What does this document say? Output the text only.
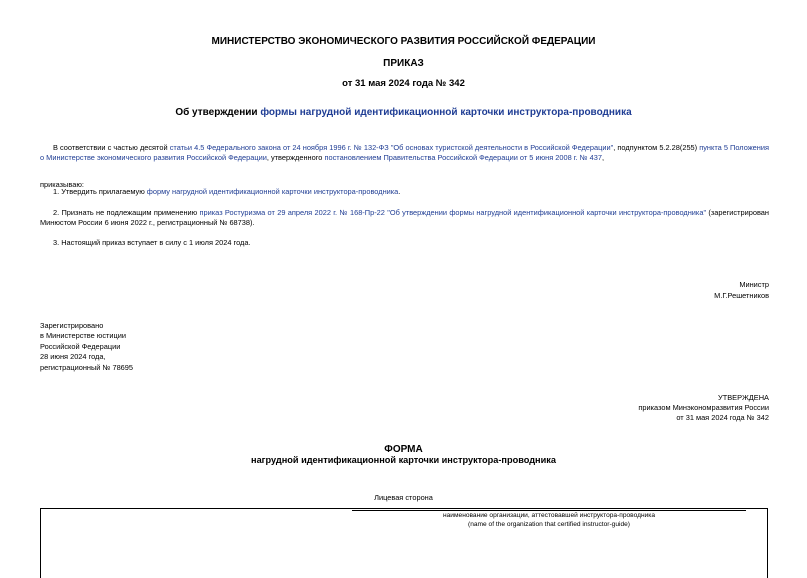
МИНИСТЕРСТВО ЭКОНОМИЧЕСКОГО РАЗВИТИЯ РОССИЙСКОЙ ФЕДЕРАЦИИ
ПРИКАЗ
от 31 мая 2024 года № 342
Об утверждении формы нагрудной идентификационной карточки инструктора-проводника
В соответствии с частью десятой статьи 4.5 Федерального закона от 24 ноября 1996 г. № 132-ФЗ "Об основах туристской деятельности в Российской Федерации", подпунктом 5.2.28(255) пункта 5 Положения о Министерстве экономического развития Российской Федерации, утвержденного постановлением Правительства Российской Федерации от 5 июня 2008 г. № 437,
приказываю:
1. Утвердить прилагаемую форму нагрудной идентификационной карточки инструктора-проводника.
2. Признать не подлежащим применению приказ Ростуризма от 29 апреля 2022 г. № 168-Пр-22 "Об утверждении формы нагрудной идентификационной карточки инструктора-проводника" (зарегистрирован Минюстом России 6 июня 2022 г., регистрационный № 68738).
3. Настоящий приказ вступает в силу с 1 июля 2024 года.
Министр
М.Г.Решетников
Зарегистрировано
в Министерстве юстиции
Российской Федерации
28 июня 2024 года,
регистрационный № 78695
УТВЕРЖДЕНА
приказом Минэкономразвития России
от 31 мая 2024 года № 342
ФОРМА
нагрудной идентификационной карточки инструктора-проводника
Лицевая сторона
наименование организации, аттестовавшей инструктора-проводника
(name of the organization that certified instructor-guide)
